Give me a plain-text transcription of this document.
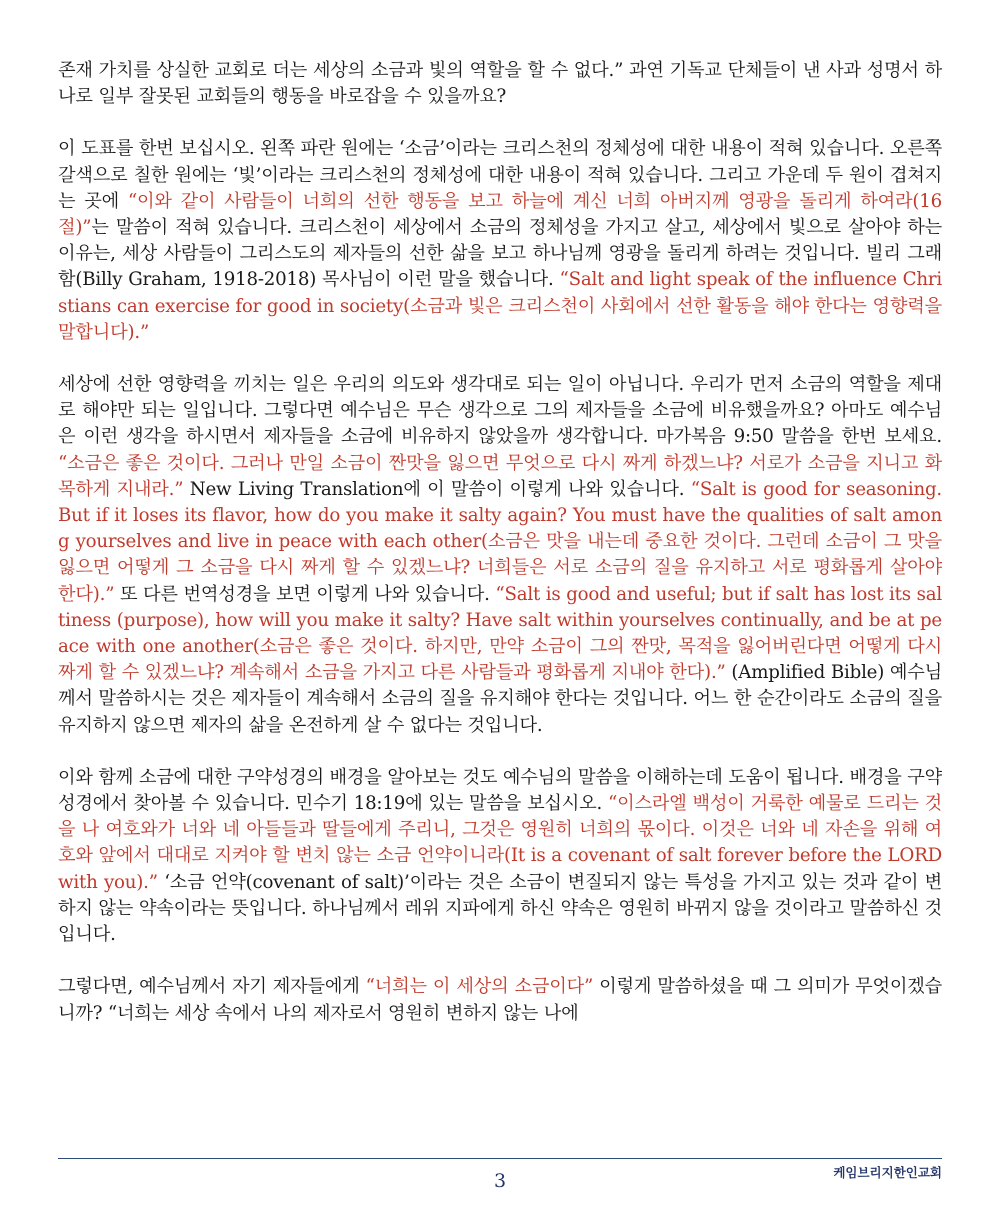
존재 가치를 상실한 교회로 더는 세상의 소금과 빛의 역할을 할 수 없다.” 과연 기독교 단체들이 낸 사과 성명서 하나로 일부 잘못된 교회들의 행동을 바로잡을 수 있을까요?

이 도표를 한번 보십시오. 왼쪽 파란 원에는 ‘소금’이라는 크리스천의 정체성에 대한 내용이 적혀 있습니다. 오른쪽 갈색으로 칠한 원에는 ‘빛’이라는 크리스천의 정체성에 대한 내용이 적혀 있습니다. 그리고 가운데 두 원이 겹쳐지는 곳에 “이와 같이 사람들이 너희의 선한 행동을 보고 하늘에 계신 너희 아버지께 영광을 돌리게 하여라(16절)”는 말씀이 적혀 있습니다. 크리스천이 세상에서 소금의 정체성을 가지고 살고, 세상에서 빛으로 살아야 하는 이유는, 세상 사람들이 그리스도의 제자들의 선한 삶을 보고 하나님께 영광을 돌리게 하려는 것입니다. 빌리 그래함(Billy Graham, 1918-2018) 목사님이 이런 말을 했습니다. “Salt and light speak of the influence Christians can exercise for good in society(소금과 빛은 크리스천이 사회에서 선한 활동을 해야 한다는 영향력을 말합니다).”

세상에 선한 영향력을 끼치는 일은 우리의 의도와 생각대로 되는 일이 아닙니다. 우리가 먼저 소금의 역할을 제대로 해야만 되는 일입니다. 그렇다면 예수님은 무슨 생각으로 그의 제자들을 소금에 비유했을까요? 아마도 예수님은 이런 생각을 하시면서 제자들을 소금에 비유하지 않았을까 생각합니다. 마가복음 9:50 말씀을 한번 보세요. “소금은 좋은 것이다. 그러나 만일 소금이 짠맛을 잃으면 무엇으로 다시 짜게 하겠느냐? 서로가 소금을 지니고 화목하게 지내라.” New Living Translation에 이 말씀이 이렇게 나와 있습니다. “Salt is good for seasoning. But if it loses its flavor, how do you make it salty again? You must have the qualities of salt among yourselves and live in peace with each other(소금은 맛을 내는데 중요한 것이다. 그런데 소금이 그 맛을 잃으면 어떻게 그 소금을 다시 짜게 할 수 있겠느냐? 너희들은 서로 소금의 질을 유지하고 서로 평화롭게 살아야 한다).” 또 다른 번역성경을 보면 이렇게 나와 있습니다. “Salt is good and useful; but if salt has lost its saltiness (purpose), how will you make it salty? Have salt within yourselves continually, and be at peace with one another(소금은 좋은 것이다. 하지만, 만약 소금이 그의 짠맛, 목적을 잃어버린다면 어떻게 다시 짜게 할 수 있겠느냐? 계속해서 소금을 가지고 다른 사람들과 평화롭게 지내야 한다).” (Amplified Bible) 예수님께서 말씀하시는 것은 제자들이 계속해서 소금의 질을 유지해야 한다는 것입니다. 어느 한 순간이라도 소금의 질을 유지하지 않으면 제자의 삶을 온전하게 살 수 없다는 것입니다.

이와 함께 소금에 대한 구약성경의 배경을 알아보는 것도 예수님의 말씀을 이해하는데 도움이 됩니다. 배경을 구약성경에서 찾아볼 수 있습니다. 민수기 18:19에 있는 말씀을 보십시오. “이스라엘 백성이 거룩한 예물로 드리는 것을 나 여호와가 너와 네 아들들과 딸들에게 주리니, 그것은 영원히 너희의 몫이다. 이것은 너와 네 자손을 위해 여호와 앞에서 대대로 지켜야 할 변치 않는 소금 언약이니라(It is a covenant of salt forever before the LORD with you).” ‘소금 언약(covenant of salt)’이라는 것은 소금이 변질되지 않는 특성을 가지고 있는 것과 같이 변하지 않는 약속이라는 뜻입니다. 하나님께서 레위 지파에게 하신 약속은 영원히 바뀌지 않을 것이라고 말씀하신 것입니다.

그렇다면, 예수님께서 자기 제자들에게 “너희는 이 세상의 소금이다” 이렇게 말씀하셨을 때 그 의미가 무엇이겠습니까? “너희는 세상 속에서 나의 제자로서 영원히 변하지 않는 나에

3	케임브리지한인교회
